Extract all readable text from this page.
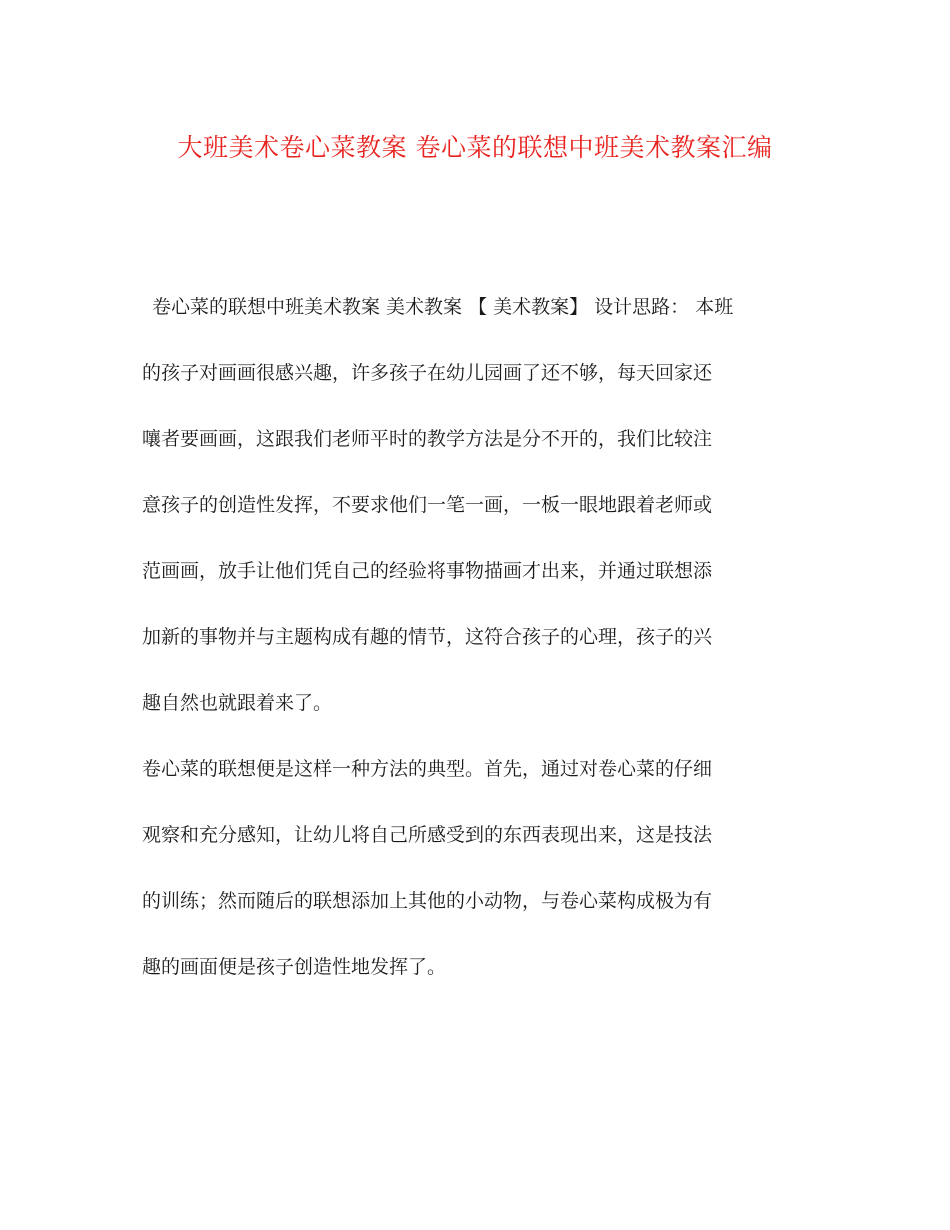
大班美术卷心菜教案 卷心菜的联想中班美术教案汇编
卷心菜的联想中班美术教案 美术教案 【 美术教案】 设计思路： 本班
的孩子对画画很感兴趣，许多孩子在幼儿园画了还不够，每天回家还
嚷者要画画，这跟我们老师平时的教学方法是分不开的，我们比较注
意孩子的创造性发挥，不要求他们一笔一画，一板一眼地跟着老师或
范画画，放手让他们凭自己的经验将事物描画才出来，并通过联想添
加新的事物并与主题构成有趣的情节，这符合孩子的心理，孩子的兴
趣自然也就跟着来了。
卷心菜的联想便是这样一种方法的典型。首先，通过对卷心菜的仔细
观察和充分感知，让幼儿将自己所感受到的东西表现出来，这是技法
的训练；然而随后的联想添加上其他的小动物，与卷心菜构成极为有
趣的画面便是孩子创造性地发挥了。
